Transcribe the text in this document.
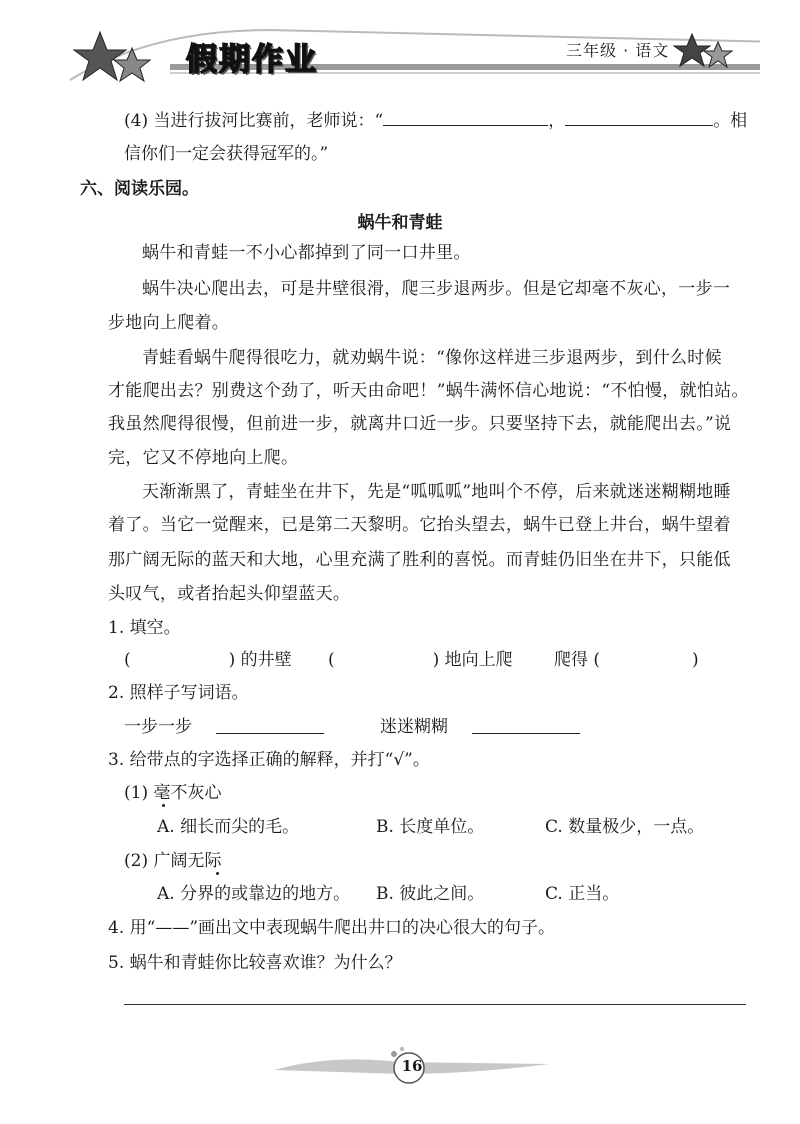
假期作业	三年级 · 语文
(4) 当进行拔河比赛前，老师说：“	，	。相
信你们一定会获得冠军的。”
六、阅读乐园。
蜗牛和青蛙
蜗牛和青蛙一不小心都掉到了同一口井里。
蜗牛决心爬出去，可是井壁很滑，爬三步退两步。但是它却毫不灰心，一步一
步地向上爬着。
青蛙看蜗牛爬得很吃力，就劝蜗牛说：“像你这样进三步退两步，到什么时候
才能爬出去？别费这个劲了，听天由命吧！”蜗牛满怀信心地说：“不怕慢，就怕站。
我虽然爬得很慢，但前进一步，就离井口近一步。只要坚持下去，就能爬出去。”说
完，它又不停地向上爬。
天渐渐黑了，青蛙坐在井下，先是“呱呱呱”地叫个不停，后来就迷迷糊糊地睡
着了。当它一觉醒来，已是第二天黎明。它抬头望去，蜗牛已登上井台，蜗牛望着
那广阔无际的蓝天和大地，心里充满了胜利的喜悦。而青蛙仍旧坐在井下，只能低
头叹气，或者抬起头仰望蓝天。
1. 填空。
(	) 的井壁 (	) 地向上爬 爬得 (	)
2. 照样子写词语。
一步一步	迷迷糊糊
3. 给带点的字选择正确的解释，并打“√”。
(1) 毫不灰心
A. 细长而尖的毛。	B. 长度单位。	C. 数量极少，一点。
(2) 广阔无际
A. 分界的或靠边的地方。 B. 彼此之间。	C. 正当。
4. 用“——”画出文中表现蜗牛爬出井口的决心很大的句子。
5. 蜗牛和青蛙你比较喜欢谁？为什么？
16
